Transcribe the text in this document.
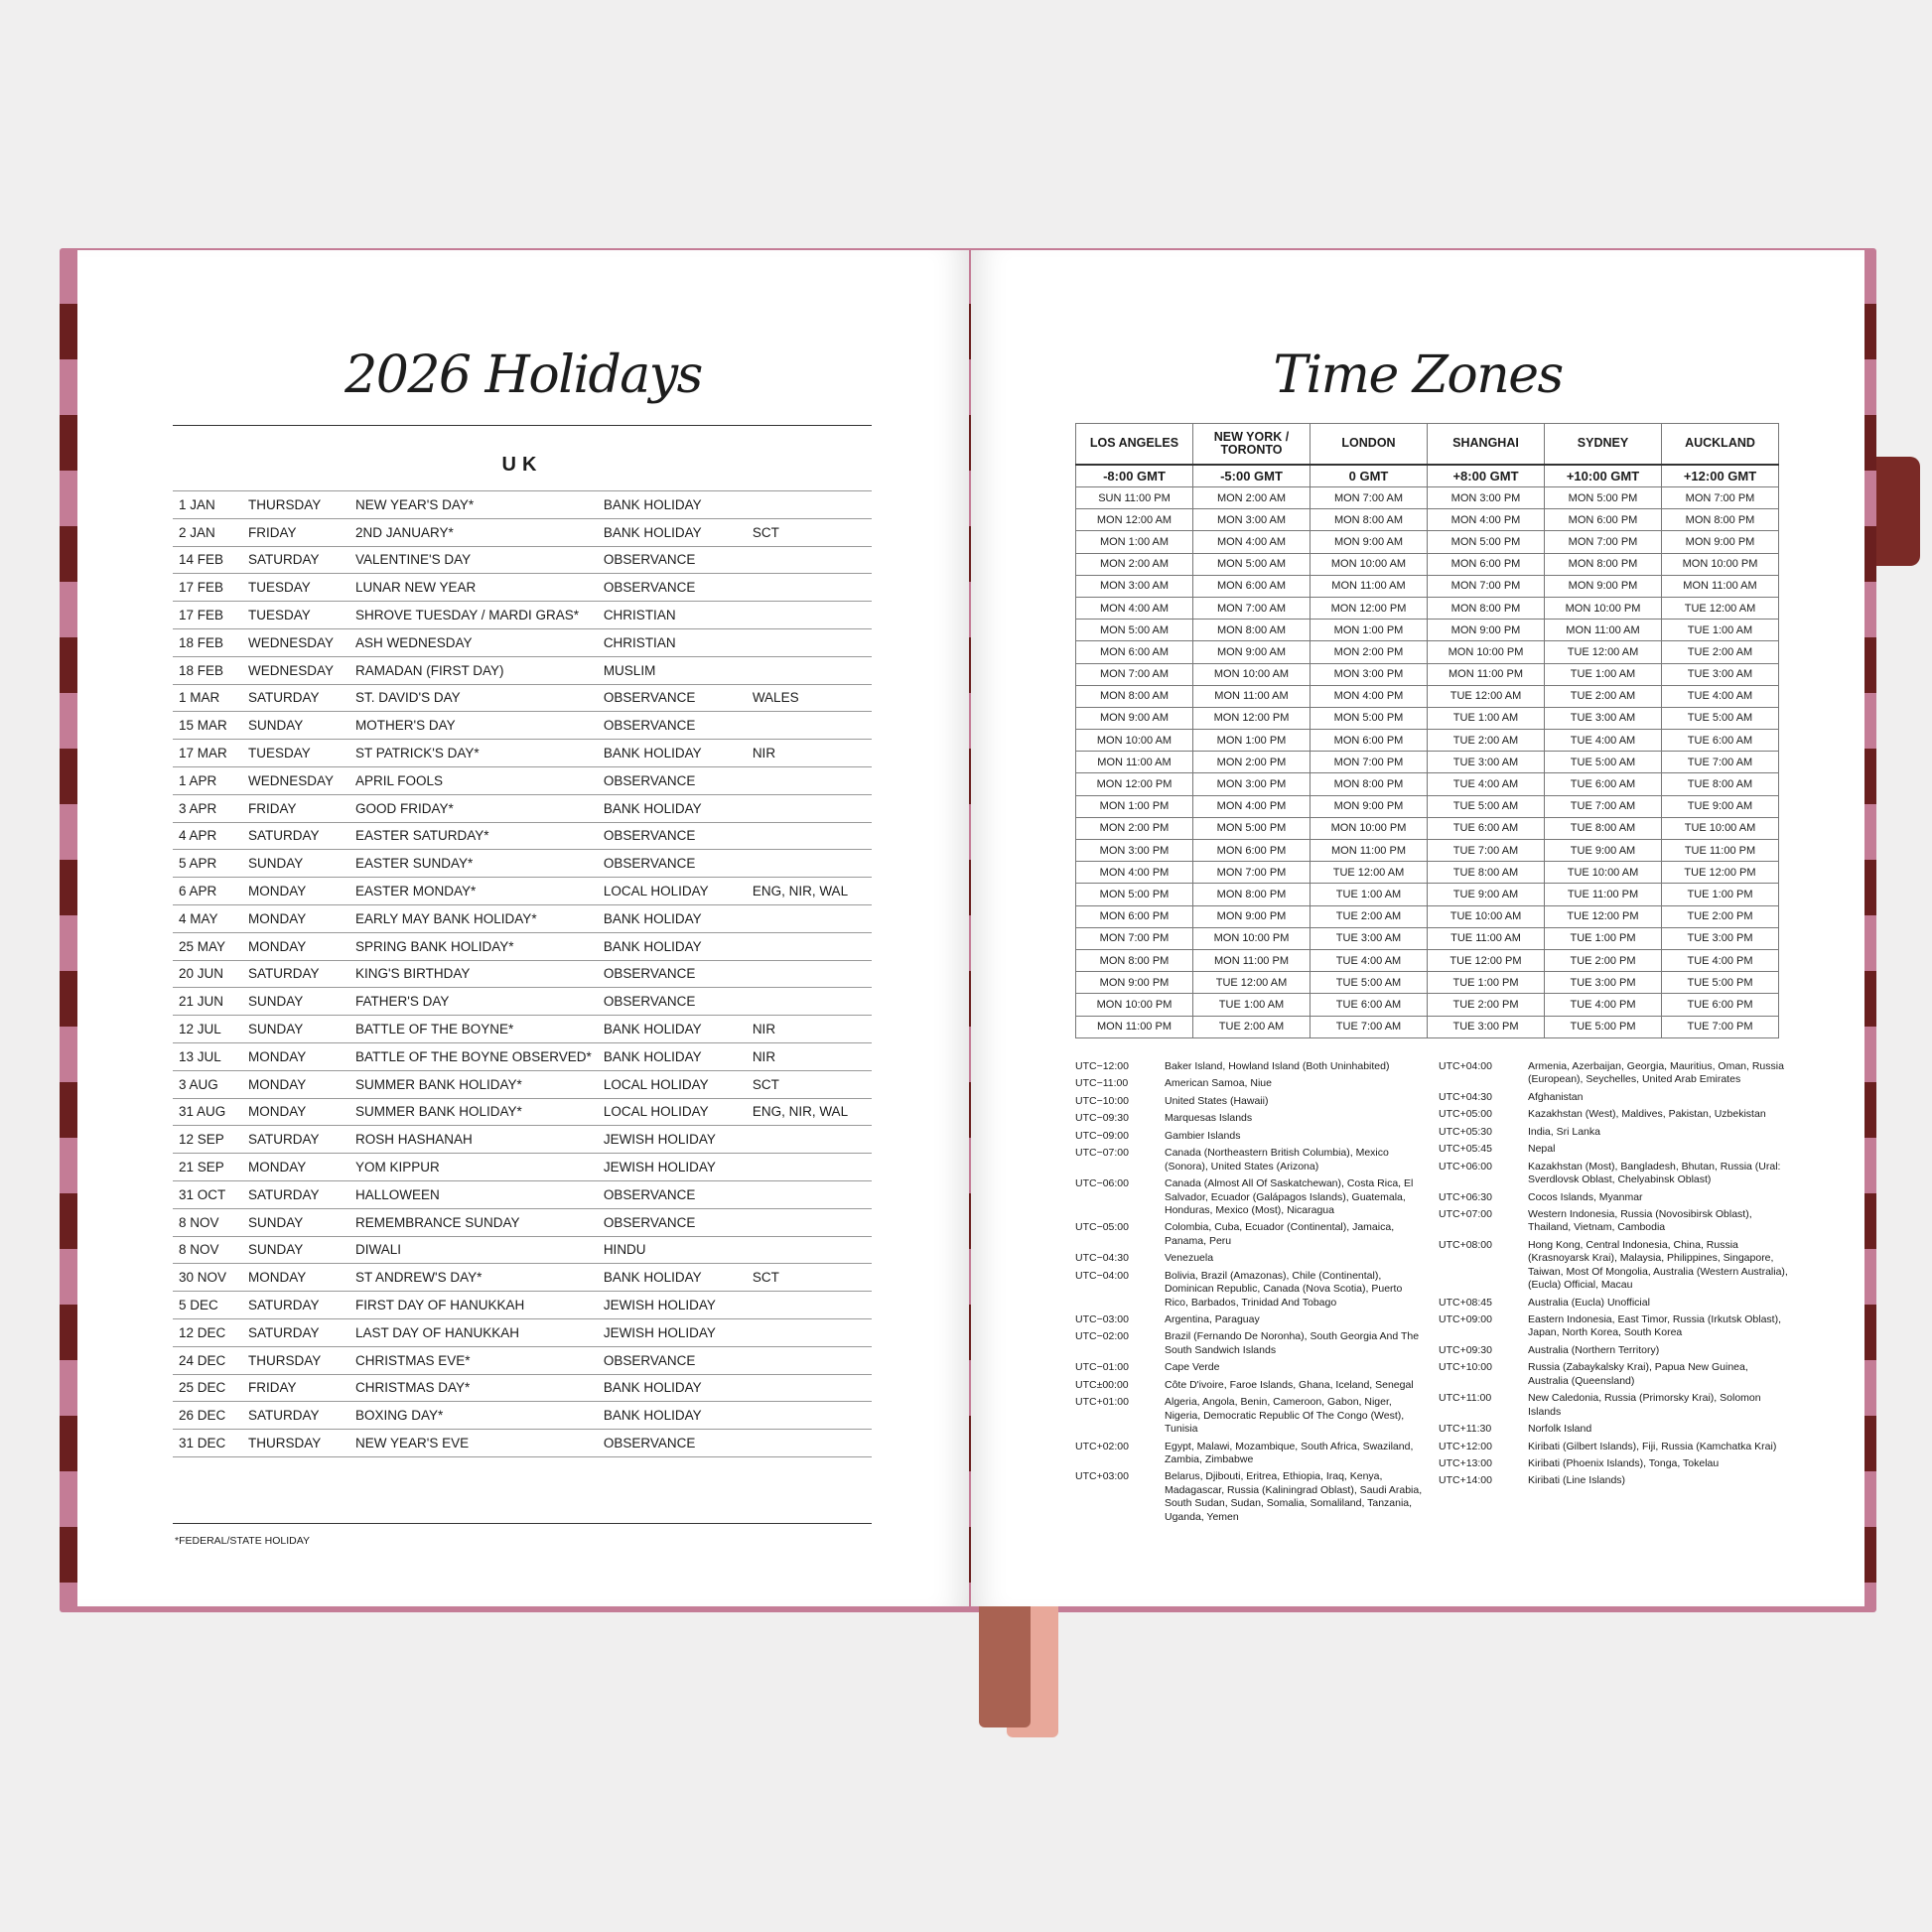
2026 Holidays
UK
1 JAN	THURSDAY	NEW YEAR'S DAY*	BANK HOLIDAY	
2 JAN	FRIDAY	2ND JANUARY*	BANK HOLIDAY	SCT
14 FEB	SATURDAY	VALENTINE'S DAY	OBSERVANCE	
17 FEB	TUESDAY	LUNAR NEW YEAR	OBSERVANCE	
17 FEB	TUESDAY	SHROVE TUESDAY / MARDI GRAS*	CHRISTIAN	
18 FEB	WEDNESDAY	ASH WEDNESDAY	CHRISTIAN	
18 FEB	WEDNESDAY	RAMADAN (FIRST DAY)	MUSLIM	
1 MAR	SATURDAY	ST. DAVID'S DAY	OBSERVANCE	WALES
15 MAR	SUNDAY	MOTHER'S DAY	OBSERVANCE	
17 MAR	TUESDAY	ST PATRICK'S DAY*	BANK HOLIDAY	NIR
1 APR	WEDNESDAY	APRIL FOOLS	OBSERVANCE	
3 APR	FRIDAY	GOOD FRIDAY*	BANK HOLIDAY	
4 APR	SATURDAY	EASTER SATURDAY*	OBSERVANCE	
5 APR	SUNDAY	EASTER SUNDAY*	OBSERVANCE	
6 APR	MONDAY	EASTER MONDAY*	LOCAL HOLIDAY	ENG, NIR, WAL
4 MAY	MONDAY	EARLY MAY BANK HOLIDAY*	BANK HOLIDAY	
25 MAY	MONDAY	SPRING BANK HOLIDAY*	BANK HOLIDAY	
20 JUN	SATURDAY	KING'S BIRTHDAY	OBSERVANCE	
21 JUN	SUNDAY	FATHER'S DAY	OBSERVANCE	
12 JUL	SUNDAY	BATTLE OF THE BOYNE*	BANK HOLIDAY	NIR
13 JUL	MONDAY	BATTLE OF THE BOYNE OBSERVED*	BANK HOLIDAY	NIR
3 AUG	MONDAY	SUMMER BANK HOLIDAY*	LOCAL HOLIDAY	SCT
31 AUG	MONDAY	SUMMER BANK HOLIDAY*	LOCAL HOLIDAY	ENG, NIR, WAL
12 SEP	SATURDAY	ROSH HASHANAH	JEWISH HOLIDAY	
21 SEP	MONDAY	YOM KIPPUR	JEWISH HOLIDAY	
31 OCT	SATURDAY	HALLOWEEN	OBSERVANCE	
8 NOV	SUNDAY	REMEMBRANCE SUNDAY	OBSERVANCE	
8 NOV	SUNDAY	DIWALI	HINDU	
30 NOV	MONDAY	ST ANDREW'S DAY*	BANK HOLIDAY	SCT
5 DEC	SATURDAY	FIRST DAY OF HANUKKAH	JEWISH HOLIDAY	
12 DEC	SATURDAY	LAST DAY OF HANUKKAH	JEWISH HOLIDAY	
24 DEC	THURSDAY	CHRISTMAS EVE*	OBSERVANCE	
25 DEC	FRIDAY	CHRISTMAS DAY*	BANK HOLIDAY	
26 DEC	SATURDAY	BOXING DAY*	BANK HOLIDAY	
31 DEC	THURSDAY	NEW YEAR'S EVE	OBSERVANCE	
*FEDERAL/STATE HOLIDAY
Time Zones
LOS ANGELES	NEW YORK / TORONTO	LONDON	SHANGHAI	SYDNEY	AUCKLAND
-8:00 GMT	-5:00 GMT	0 GMT	+8:00 GMT	+10:00 GMT	+12:00 GMT
SUN 11:00 PM	MON 2:00 AM	MON 7:00 AM	MON 3:00 PM	MON 5:00 PM	MON 7:00 PM
MON 12:00 AM	MON 3:00 AM	MON 8:00 AM	MON 4:00 PM	MON 6:00 PM	MON 8:00 PM
MON 1:00 AM	MON 4:00 AM	MON 9:00 AM	MON 5:00 PM	MON 7:00 PM	MON 9:00 PM
MON 2:00 AM	MON 5:00 AM	MON 10:00 AM	MON 6:00 PM	MON 8:00 PM	MON 10:00 PM
MON 3:00 AM	MON 6:00 AM	MON 11:00 AM	MON 7:00 PM	MON 9:00 PM	MON 11:00 AM
MON 4:00 AM	MON 7:00 AM	MON 12:00 PM	MON 8:00 PM	MON 10:00 PM	TUE 12:00 AM
MON 5:00 AM	MON 8:00 AM	MON 1:00 PM	MON 9:00 PM	MON 11:00 AM	TUE 1:00 AM
MON 6:00 AM	MON 9:00 AM	MON 2:00 PM	MON 10:00 PM	TUE 12:00 AM	TUE 2:00 AM
MON 7:00 AM	MON 10:00 AM	MON 3:00 PM	MON 11:00 PM	TUE 1:00 AM	TUE 3:00 AM
MON 8:00 AM	MON 11:00 AM	MON 4:00 PM	TUE 12:00 AM	TUE 2:00 AM	TUE 4:00 AM
MON 9:00 AM	MON 12:00 PM	MON 5:00 PM	TUE 1:00 AM	TUE 3:00 AM	TUE 5:00 AM
MON 10:00 AM	MON 1:00 PM	MON 6:00 PM	TUE 2:00 AM	TUE 4:00 AM	TUE 6:00 AM
MON 11:00 AM	MON 2:00 PM	MON 7:00 PM	TUE 3:00 AM	TUE 5:00 AM	TUE 7:00 AM
MON 12:00 PM	MON 3:00 PM	MON 8:00 PM	TUE 4:00 AM	TUE 6:00 AM	TUE 8:00 AM
MON 1:00 PM	MON 4:00 PM	MON 9:00 PM	TUE 5:00 AM	TUE 7:00 AM	TUE 9:00 AM
MON 2:00 PM	MON 5:00 PM	MON 10:00 PM	TUE 6:00 AM	TUE 8:00 AM	TUE 10:00 AM
MON 3:00 PM	MON 6:00 PM	MON 11:00 PM	TUE 7:00 AM	TUE 9:00 AM	TUE 11:00 PM
MON 4:00 PM	MON 7:00 PM	TUE 12:00 AM	TUE 8:00 AM	TUE 10:00 AM	TUE 12:00 PM
MON 5:00 PM	MON 8:00 PM	TUE 1:00 AM	TUE 9:00 AM	TUE 11:00 PM	TUE 1:00 PM
MON 6:00 PM	MON 9:00 PM	TUE 2:00 AM	TUE 10:00 AM	TUE 12:00 PM	TUE 2:00 PM
MON 7:00 PM	MON 10:00 PM	TUE 3:00 AM	TUE 11:00 AM	TUE 1:00 PM	TUE 3:00 PM
MON 8:00 PM	MON 11:00 PM	TUE 4:00 AM	TUE 12:00 PM	TUE 2:00 PM	TUE 4:00 PM
MON 9:00 PM	TUE 12:00 AM	TUE 5:00 AM	TUE 1:00 PM	TUE 3:00 PM	TUE 5:00 PM
MON 10:00 PM	TUE 1:00 AM	TUE 6:00 AM	TUE 2:00 PM	TUE 4:00 PM	TUE 6:00 PM
MON 11:00 PM	TUE 2:00 AM	TUE 7:00 AM	TUE 3:00 PM	TUE 5:00 PM	TUE 7:00 PM
UTC−12:00	Baker Island, Howland Island (Both Uninhabited)
UTC−11:00	American Samoa, Niue
UTC−10:00	United States (Hawaii)
UTC−09:30	Marquesas Islands
UTC−09:00	Gambier Islands
UTC−07:00	Canada (Northeastern British Columbia), Mexico (Sonora), United States (Arizona)
UTC−06:00	Canada (Almost All Of Saskatchewan), Costa Rica, El Salvador, Ecuador (Galápagos Islands), Guatemala, Honduras, Mexico (Most), Nicaragua
UTC−05:00	Colombia, Cuba, Ecuador (Continental), Jamaica, Panama, Peru
UTC−04:30	Venezuela
UTC−04:00	Bolivia, Brazil (Amazonas), Chile (Continental), Dominican Republic, Canada (Nova Scotia), Puerto Rico, Barbados, Trinidad And Tobago
UTC−03:00	Argentina, Paraguay
UTC−02:00	Brazil (Fernando De Noronha), South Georgia And The South Sandwich Islands
UTC−01:00	Cape Verde
UTC±00:00	Côte D'ivoire, Faroe Islands, Ghana, Iceland, Senegal
UTC+01:00	Algeria, Angola, Benin, Cameroon, Gabon, Niger, Nigeria, Democratic Republic Of The Congo (West), Tunisia
UTC+02:00	Egypt, Malawi, Mozambique, South Africa, Swaziland, Zambia, Zimbabwe
UTC+03:00	Belarus, Djibouti, Eritrea, Ethiopia, Iraq, Kenya, Madagascar, Russia (Kaliningrad Oblast), Saudi Arabia, South Sudan, Sudan, Somalia, Somaliland, Tanzania, Uganda, Yemen
UTC+04:00	Armenia, Azerbaijan, Georgia, Mauritius, Oman, Russia (European), Seychelles, United Arab Emirates
UTC+04:30	Afghanistan
UTC+05:00	Kazakhstan (West), Maldives, Pakistan, Uzbekistan
UTC+05:30	India, Sri Lanka
UTC+05:45	Nepal
UTC+06:00	Kazakhstan (Most), Bangladesh, Bhutan, Russia (Ural: Sverdlovsk Oblast, Chelyabinsk Oblast)
UTC+06:30	Cocos Islands, Myanmar
UTC+07:00	Western Indonesia, Russia (Novosibirsk Oblast), Thailand, Vietnam, Cambodia
UTC+08:00	Hong Kong, Central Indonesia, China, Russia (Krasnoyarsk Krai), Malaysia, Philippines, Singapore, Taiwan, Most Of Mongolia, Australia (Western Australia), (Eucla) Official, Macau
UTC+08:45	Australia (Eucla) Unofficial
UTC+09:00	Eastern Indonesia, East Timor, Russia (Irkutsk Oblast), Japan, North Korea, South Korea
UTC+09:30	Australia (Northern Territory)
UTC+10:00	Russia (Zabaykalsky Krai), Papua New Guinea, Australia (Queensland)
UTC+11:00	New Caledonia, Russia (Primorsky Krai), Solomon Islands
UTC+11:30	Norfolk Island
UTC+12:00	Kiribati (Gilbert Islands), Fiji, Russia (Kamchatka Krai)
UTC+13:00	Kiribati (Phoenix Islands), Tonga, Tokelau
UTC+14:00	Kiribati (Line Islands)
